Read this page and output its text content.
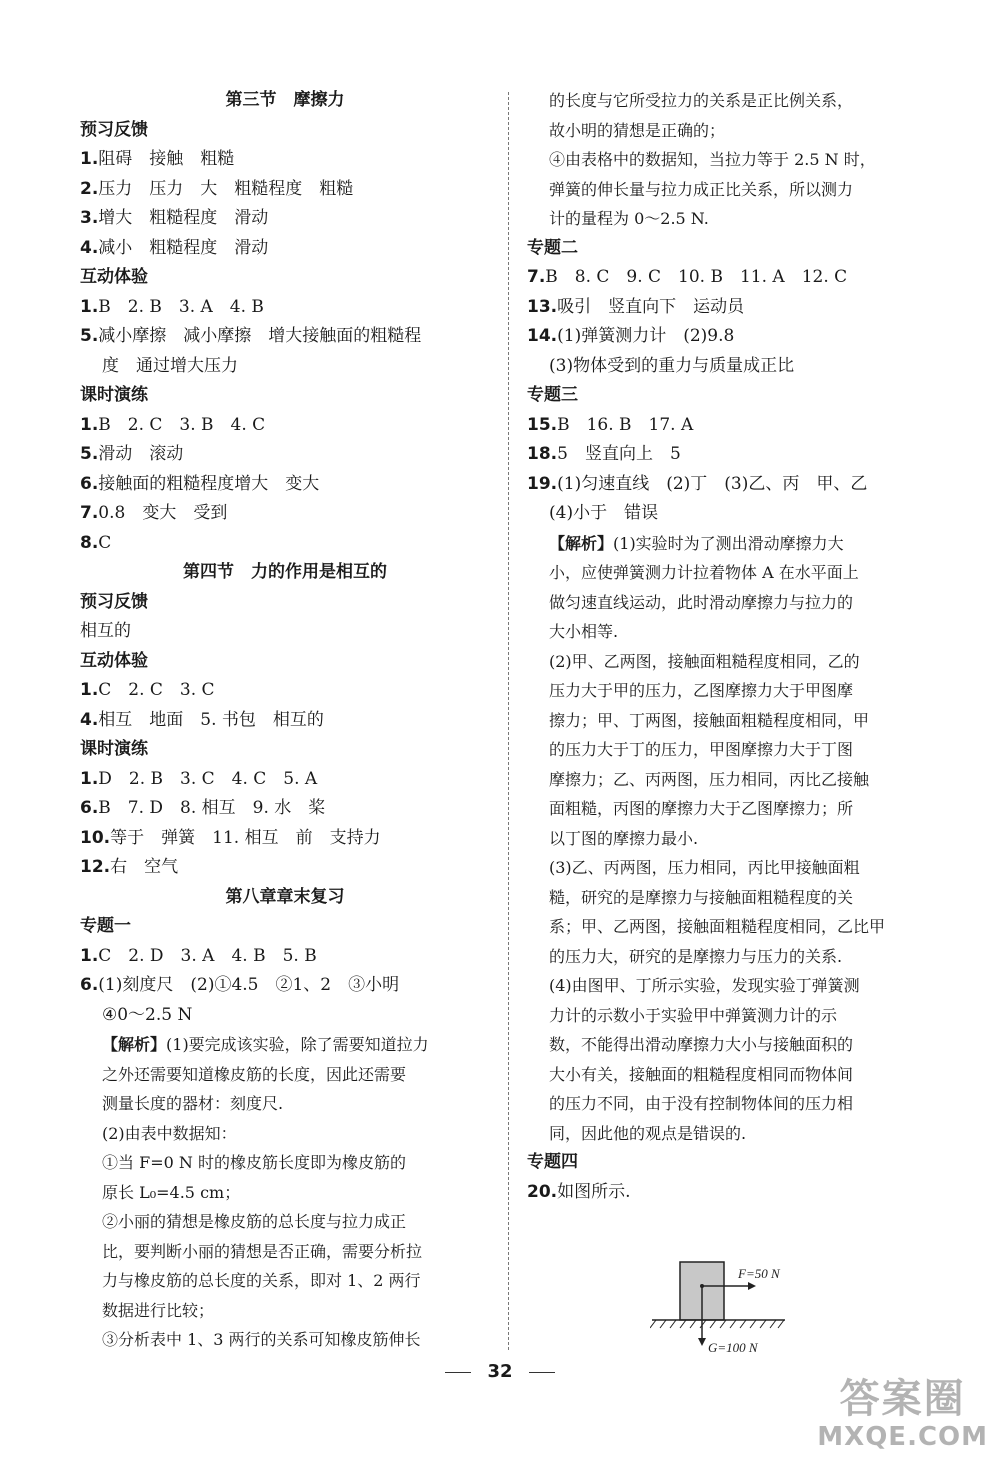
第三节　摩擦力
预习反馈
1.阻碍　接触　粗糙
2.压力　压力　大　粗糙程度　粗糙
3.增大　粗糙程度　滑动
4.减小　粗糙程度　滑动
互动体验
1.B　2. B　3. A　4. B
5.减小摩擦　减小摩擦　增大接触面的粗糙程
度　通过增大压力
课时演练
1.B　2. C　3. B　4. C
5.滑动　滚动
6.接触面的粗糙程度增大　变大
7.0.8　变大　受到
8.C
第四节　力的作用是相互的
预习反馈
相互的
互动体验
1.C　2. C　3. C
4.相互　地面　5. 书包　相互的
课时演练
1.D　2. B　3. C　4. C　5. A
6.B　7. D　8. 相互　9. 水　桨
10.等于　弹簧　11. 相互　前　支持力
12.右　空气
第八章章末复习
专题一
1.C　2. D　3. A　4. B　5. B
6.(1)刻度尺　(2)①4.5　②1、2　③小明
④0～2.5 N
【解析】(1)要完成该实验，除了需要知道拉力
之外还需要知道橡皮筋的长度，因此还需要
测量长度的器材：刻度尺.
(2)由表中数据知：
①当 F=0 N 时的橡皮筋长度即为橡皮筋的
原长 L₀=4.5 cm；
②小丽的猜想是橡皮筋的总长度与拉力成正
比，要判断小丽的猜想是否正确，需要分析拉
力与橡皮筋的总长度的关系，即对 1、2 两行
数据进行比较；
③分析表中 1、3 两行的关系可知橡皮筋伸长
的长度与它所受拉力的关系是正比例关系，
故小明的猜想是正确的；
④由表格中的数据知，当拉力等于 2.5 N 时，
弹簧的伸长量与拉力成正比关系，所以测力
计的量程为 0～2.5 N.
专题二
7.B　8. C　9. C　10. B　11. A　12. C
13.吸引　竖直向下　运动员
14.(1)弹簧测力计　(2)9.8
(3)物体受到的重力与质量成正比
专题三
15.B　16. B　17. A
18.5　竖直向上　5
19.(1)匀速直线　(2)丁　(3)乙、丙　甲、乙
(4)小于　错误
【解析】(1)实验时为了测出滑动摩擦力大
小，应使弹簧测力计拉着物体 A 在水平面上
做匀速直线运动，此时滑动摩擦力与拉力的
大小相等.
(2)甲、乙两图，接触面粗糙程度相同，乙的
压力大于甲的压力，乙图摩擦力大于甲图摩
擦力；甲、丁两图，接触面粗糙程度相同，甲
的压力大于丁的压力，甲图摩擦力大于丁图
摩擦力；乙、丙两图，压力相同，丙比乙接触
面粗糙，丙图的摩擦力大于乙图摩擦力；所
以丁图的摩擦力最小.
(3)乙、丙两图，压力相同，丙比甲接触面粗
糙，研究的是摩擦力与接触面粗糙程度的关
系；甲、乙两图，接触面粗糙程度相同，乙比甲
的压力大，研究的是摩擦力与压力的关系.
(4)由图甲、丁所示实验，发现实验丁弹簧测
力计的示数小于实验甲中弹簧测力计的示
数，不能得出滑动摩擦力大小与接触面积的
大小有关，接触面的粗糙程度相同而物体间
的压力不同，由于没有控制物体间的压力相
同，因此他的观点是错误的.
专题四
20.如图所示.
F=50 N
G=100 N
32
答案圈
MXQE.COM
